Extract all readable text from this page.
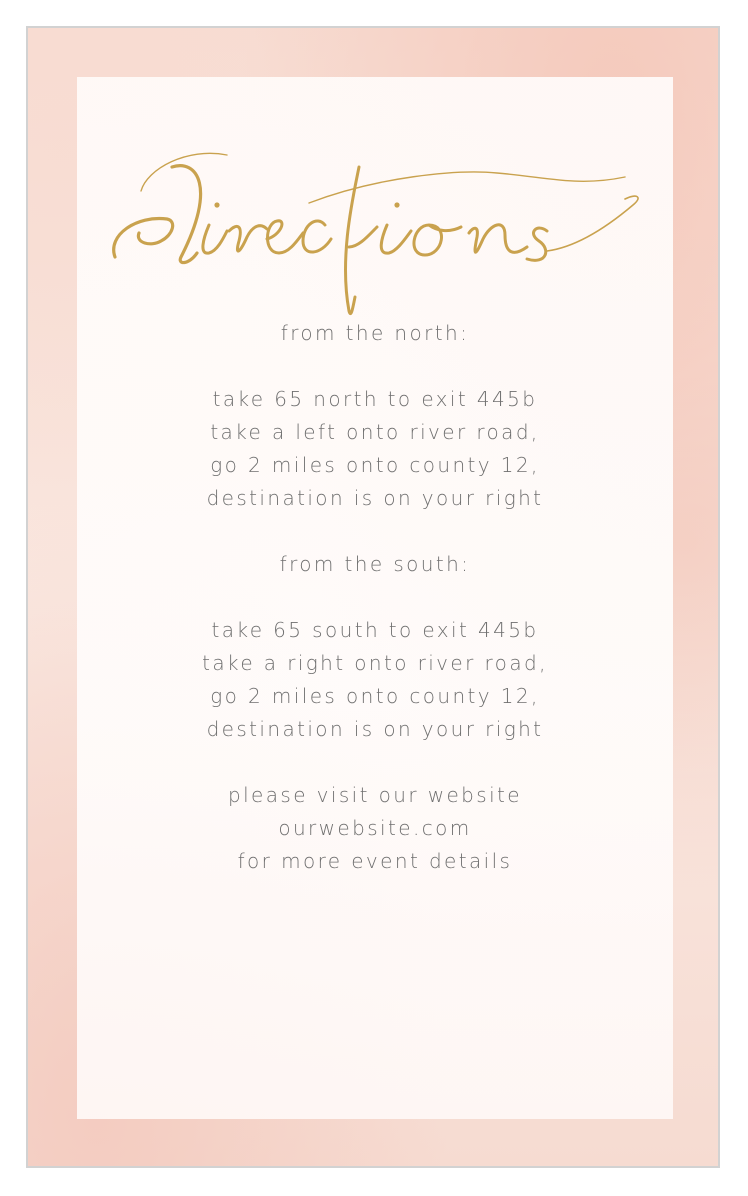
from the north:
take 65 north to exit 445b
take a left onto river road,
go 2 miles onto county 12,
destination is on your right
from the south:
take 65 south to exit 445b
take a right onto river road,
go 2 miles onto county 12,
destination is on your right
please visit our website
ourwebsite.com
for more event details
